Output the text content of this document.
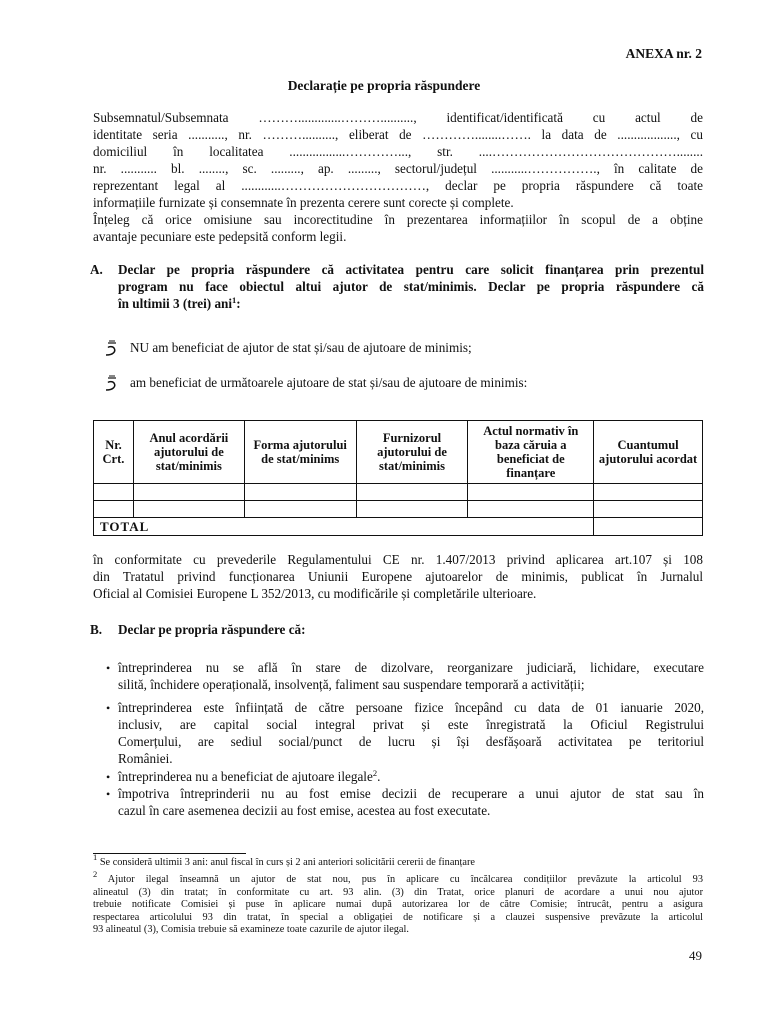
ANEXA nr. 2
Declarație pe propria răspundere
Subsemnatul/Subsemnata ……….............……….........., identificat/identificată cu actul de
identitate seria ..........., nr. ……….........., eliberat de …………........……. la data de .................., cu
domiciliul în localitatea .................…………..., str. ....……………………………………........
nr. ........... bl. ........, sc. ........., ap. ........., sectorul/județul ...........……………., în calitate de
reprezentant legal al ............……………………………, declar pe propria răspundere că toate
informațiile furnizate și consemnate în prezenta cerere sunt corecte și complete.
Înțeleg că orice omisiune sau incorectitudine în prezentarea informațiilor în scopul de a obține
avantaje pecuniare este pedepsită conform legii.
A. Declar pe propria răspundere că activitatea pentru care solicit finanțarea prin prezentul
program nu face obiectul altui ajutor de stat/minimis. Declar pe propria răspundere că
în ultimii 3 (trei) ani$^1$:
NU am beneficiat de ajutor de stat și/sau de ajutoare de minimis;
am beneficiat de următoarele ajutoare de stat și/sau de ajutoare de minimis:
Nr. Crt.	Anul acordării ajutorului de stat/minimis	Forma ajutorului de stat/minims	Furnizorul ajutorului de stat/minimis	Actul normativ în baza căruia a beneficiat de finanțare	Cuantumul ajutorului acordat

TOTAL					
în conformitate cu prevederile Regulamentului CE nr. 1.407/2013 privind aplicarea art.107 și 108
din Tratatul privind funcționarea Uniunii Europene ajutoarelor de minimis, publicat în Jurnalul
Oficial al Comisiei Europene L 352/2013, cu modificările și completările ulterioare.
B. Declar pe propria răspundere că:
• întreprinderea nu se află în stare de dizolvare, reorganizare judiciară, lichidare, executare
silită, închidere operațională, insolvență, faliment sau suspendare temporară a activității;
• întreprinderea este înființată de către persoane fizice începând cu data de 01 ianuarie 2020,
inclusiv, are capital social integral privat și este înregistrată la Oficiul Registrului
Comerțului, are sediul social/punct de lucru și își desfășoară activitatea pe teritoriul
României.
• întreprinderea nu a beneficiat de ajutoare ilegale$^2$.
• împotriva întreprinderii nu au fost emise decizii de recuperare a unui ajutor de stat sau în
cazul în care asemenea decizii au fost emise, acestea au fost executate.
$^1$ Se consideră ultimii 3 ani: anul fiscal în curs și 2 ani anteriori solicitării cererii de finanțare
$^2$ Ajutor ilegal înseamnă un ajutor de stat nou, pus în aplicare cu încălcarea condițiilor prevăzute la articolul 93
alineatul (3) din tratat; în conformitate cu art. 93 alin. (3) din Tratat, orice planuri de acordare a unui nou ajutor
trebuie notificate Comisiei și puse în aplicare numai după autorizarea lor de către Comisie; întrucât, pentru a asigura
respectarea articolului 93 din tratat, în special a obligației de notificare și a clauzei suspensive prevăzute la articolul
93 alineatul (3), Comisia trebuie să examineze toate cazurile de ajutor ilegal.
49
